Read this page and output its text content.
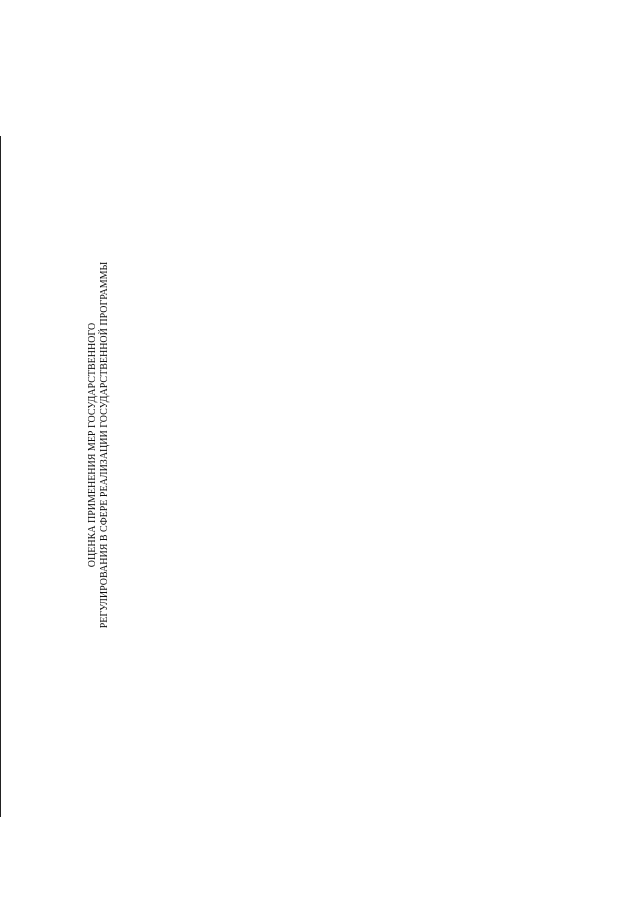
ОЦЕНКА ПРИМЕНЕНИЯ МЕР ГОСУДАРСТВЕННОГО РЕГУЛИРОВАНИЯ В СФЕРЕ РЕАЛИЗАЦИИ ГОСУДАРСТВЕННОЙ ПРОГРАММЫ
